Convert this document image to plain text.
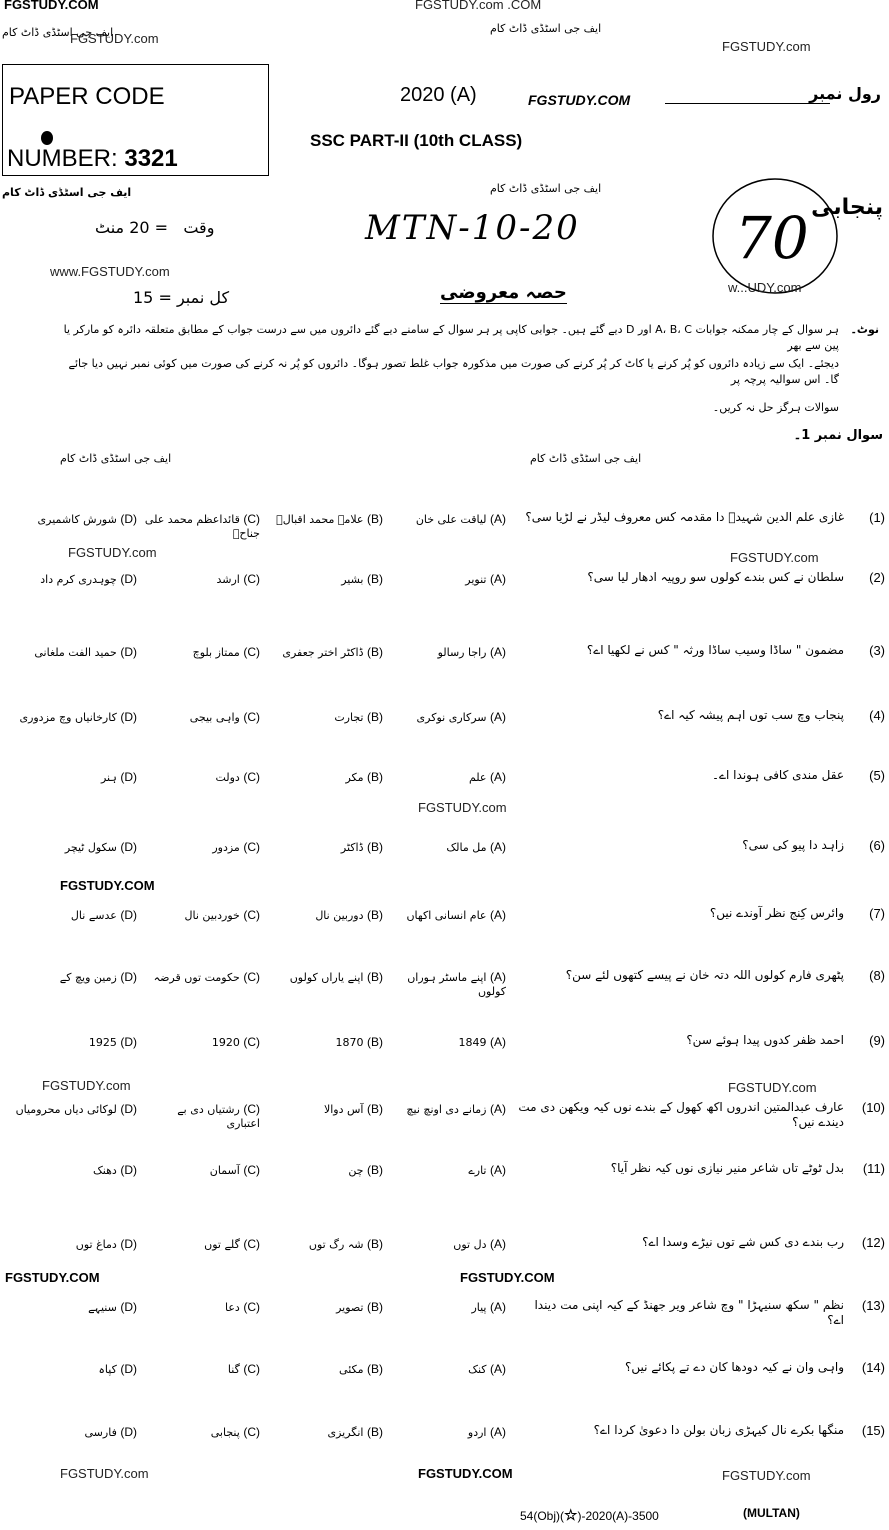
FGSTUDY.COM	FGSTUDY.com .COM
ایف جی اسٹڈی ڈاٹ کام
FGSTUDY.com
ایف جی اسٹڈی ڈاٹ کام
FGSTUDY.com
PAPER CODE
NUMBER: 3321
2020 (A)	FGSTUDY.COM	رول نمبر
SSC PART-II (10th CLASS)
ایف جی اسٹڈی ڈاٹ کام	ایف جی اسٹڈی ڈاٹ کام
وقت   = 20 منٹ	MTN-10-20	70 پنجابی
www.FGSTUDY.com
کل نمبر = 15	حصہ معروضی	w...UDY.com
نوٹ۔
ہر سوال کے چار ممکنہ جوابات A، B، C اور D دیے گئے ہیں۔ جوابی کاپی پر ہر سوال کے سامنے دیے گئے دائروں میں سے درست جواب کے مطابق متعلقہ دائرہ کو مارکر یا پین سے بھر
دیجئے۔ ایک سے زیادہ دائروں کو پُر کرنے یا کاٹ کر پُر کرنے کی صورت میں مذکورہ جواب غلط تصور ہوگا۔ دائروں کو پُر نہ کرنے کی صورت میں کوئی نمبر نہیں دیا جائے گا۔ اس سوالیہ پرچہ پر
سوالات ہرگز حل نہ کریں۔
سوال نمبر 1۔
ایف جی اسٹڈی ڈاٹ کام	ایف جی اسٹڈی ڈاٹ کام
FGSTUDY.com	FGSTUDY.com
FGSTUDY.com
FGSTUDY.COM
FGSTUDY.com	FGSTUDY.com
FGSTUDY.COM	FGSTUDY.COM
FGSTUDY.com	FGSTUDY.COM	FGSTUDY.com
(1)
غازی علم الدین شہیدؒ دا مقدمہ کس معروف لیڈر نے لڑیا سی؟
(A) لیاقت علی خان
(B) علامہ محمد اقبالؒ
(C) قائداعظم محمد علی جناحؒ
(D) شورش کاشمیری
(2)
سلطان نے کس بندے کولوں سو روپیہ ادھار لیا سی؟
(A) تنویر
(B) بشیر
(C) ارشد
(D) چوہدری کرم داد
(3)
مضمون " ساڈا وسیب ساڈا ورثہ " کس نے لکھیا اے؟
(A) راجا رسالو
(B) ڈاکٹر اختر جعفری
(C) ممتاز بلوچ
(D) حمید الفت ملغانی
(4)
پنجاب وچ سب توں اہم پیشہ کیہ اے؟
(A) سرکاری نوکری
(B) تجارت
(C) واہی بیجی
(D) کارخانیاں وچ مزدوری
(5)
عقل مندی کافی ہوندا اے۔
(A) علم
(B) مکر
(C) دولت
(D) ہنر
(6)
زاہد دا پیو کی سی؟
(A) مل مالک
(B) ڈاکٹر
(C) مزدور
(D) سکول ٹیچر
(7)
وائرس کِنج نظر آوندے نیں؟
(A) عام انسانی اکھاں
(B) دوربین نال
(C) خوردبین نال
(D) عدسے نال
(8)
پٹھری فارم کولوں اللہ دتہ خان نے پیسے کتھوں لئے سن؟
(A) اپنے ماسٹر ہوراں کولوں
(B) اپنے یاراں کولوں
(C) حکومت توں قرضہ
(D) زمین ویچ کے
(9)
احمد ظفر کدوں پیدا ہوئے سن؟
(A) 1849
(B) 1870
(C) 1920
(D) 1925
(10)
عارف عبدالمتین اندروں اکھ کھول کے بندے نوں کیہ ویکھن دی مت دیندے نیں؟
(A) زمانے دی اونچ نیچ
(B) آس دوالا
(C) رشتیاں دی بے اعتباری
(D) لوکائی دیاں محرومیاں
(11)
بدل ٹوٹے تاں شاعر منیر نیازی نوں کیہ نظر آیا؟
(A) تارے
(B) چن
(C) آسمان
(D) دھنک
(12)
رب بندے دی کس شے توں نیڑے وسدا اے؟
(A) دل توں
(B) شہ رگ توں
(C) گلے توں
(D) دماغ توں
(13)
نظم " سکھ سنیہڑا " وچ شاعر ویر جھنڈ کے کیہ اپنی مت دیندا اے؟
(A) پیار
(B) تصویر
(C) دعا
(D) سنیہے
(14)
واہی وان نے کیہ دودھا کان دے تے پکائے نیں؟
(A) کنک
(B) مکئی
(C) گنا
(D) کپاہ
(15)
منگھا بکرے نال کیہڑی زبان بولن دا دعویٰ کردا اے؟
(A) اردو
(B) انگریزی
(C) پنجابی
(D) فارسی
54(Obj)(☆)-2020(A)-3500	(MULTAN)
